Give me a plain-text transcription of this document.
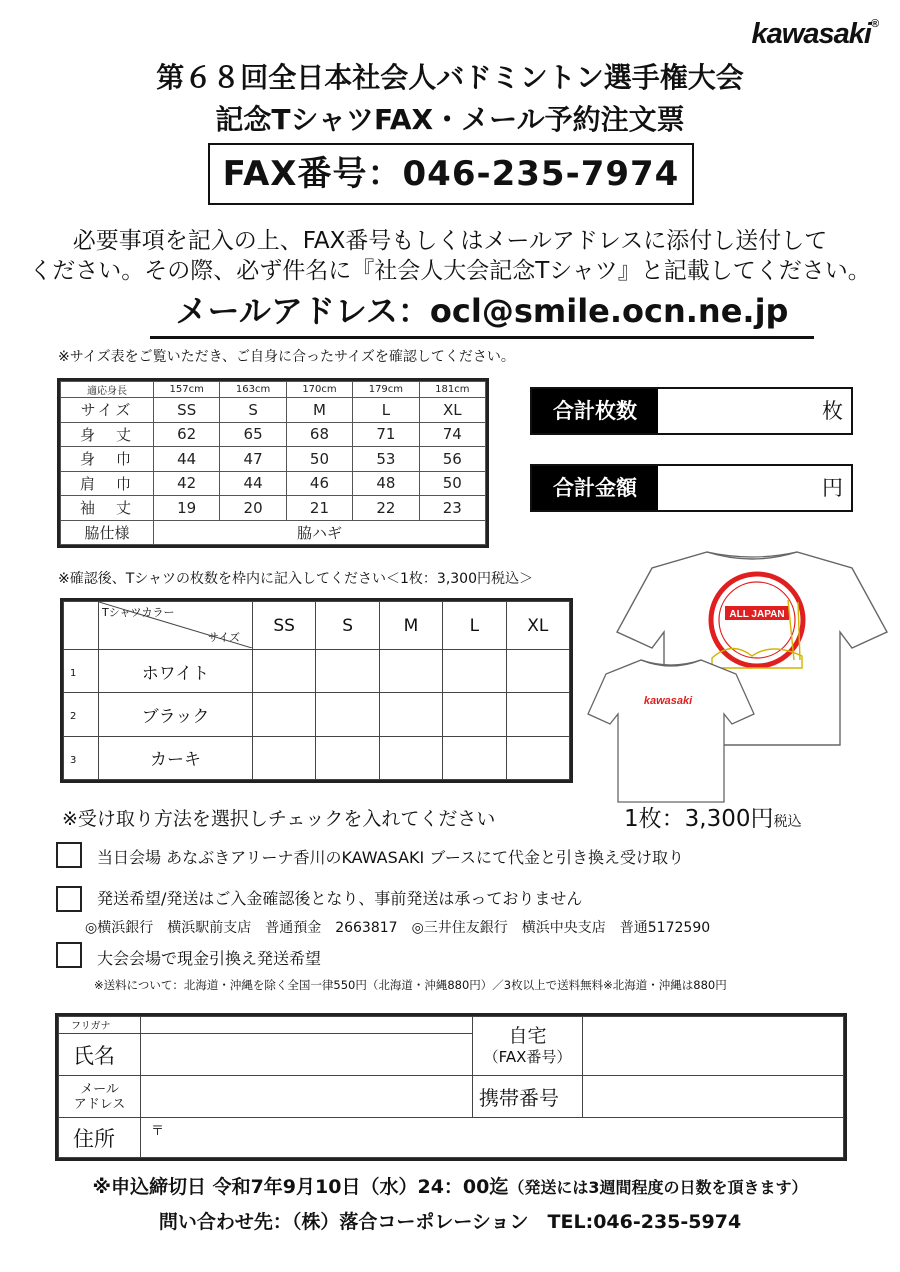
kawasaki®
第６８回全日本社会人バドミントン選手権大会
記念TシャツFAX・メール予約注文票
FAX番号：046-235-7974
必要事項を記入の上、FAX番号もしくはメールアドレスに添付し送付して
ください。その際、必ず件名に『社会人大会記念Tシャツ』と記載してください。
メールアドレス：ocl@smile.ocn.ne.jp
※サイズ表をご覧いただき、ご自身に合ったサイズを確認してください。
適応身長	157cm	163cm	170cm	179cm	181cm
サイズ	SS	S	M	L	XL
身　丈	62	65	68	71	74
身　巾	44	47	50	53	56
肩　巾	42	44	46	48	50
袖　丈	19	20	21	22	23
脇仕様	脇ハギ				
合計枚数	枚
合計金額	円
※確認後、Tシャツの枚数を枠内に記入してください＜1枚：3,300円税込＞

	Tシャツカラー
サイズ	SS	S	M	L	XL
1	ホワイト					
2	ブラック					
3	カーキ					
ALL JAPAN
kawasaki
※受け取り方法を選択しチェックを入れてください	1枚：3,300円税込
当日会場 あなぶきアリーナ香川のKAWASAKI ブースにて代金と引き換え受け取り
発送希望/発送はご入金確認後となり、事前発送は承っておりません
◎横浜銀行　横浜駅前支店　普通預金　2663817　◎三井住友銀行　横浜中央支店　普通5172590
大会会場で現金引換え発送希望
※送料について：北海道・沖縄を除く全国一律550円（北海道・沖縄880円）／3枚以上で送料無料※北海道・沖縄は880円
フリガナ		自宅
（FAX番号）	
氏名			
メール
アドレス		携帯番号	
住所	〒		
※申込締切日 令和7年9月10日（水）24：00迄（発送には3週間程度の日数を頂きます）
問い合わせ先：（株）落合コーポレーション　TEL:046-235-5974
